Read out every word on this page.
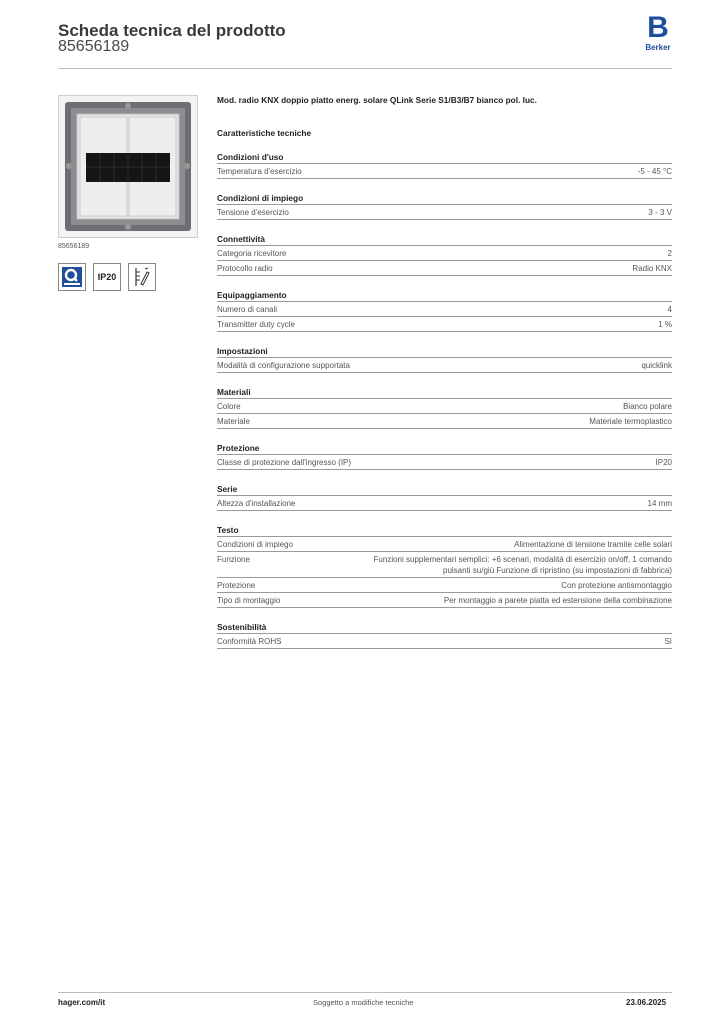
Scheda tecnica del prodotto
85656189
B
Berker
85656189
IP20
Mod. radio KNX doppio piatto energ. solare QLink Serie S1/B3/B7 bianco pol. luc.
Caratteristiche tecniche
Condizioni d'uso
Temperatura d'esercizio	-5 - 45 °C
Condizioni di impiego
Tensione d'esercizio	3 - 3 V
Connettività
Categoria ricevitore	2
Protocollo radio	Radio KNX
Equipaggiamento
Numero di canali	4
Transmitter duty cycle	1 %
Impostazioni
Modalità di configurazione supportata	quicklink
Materiali
Colore	Bianco polare
Materiale	Materiale termoplastico
Protezione
Classe di protezione dall'ingresso (IP)	IP20
Serie
Altezza d'installazione	14 mm
Testo
Condizioni di impiego	Alimentazione di tensione tramite celle solari
Funzione	Funzioni supplementari semplici: +6 scenari, modalità di esercizio on/off, 1 comando pulsanti su/giù Funzione di ripristino (su impostazioni di fabbrica)
Protezione	Con protezione antismontaggio
Tipo di montaggio	Per montaggio a parete piatta ed estensione della combinazione
Sostenibilità
Conformità ROHS	Sì
hager.com/it	Soggetto a modifiche tecniche	23.06.2025
